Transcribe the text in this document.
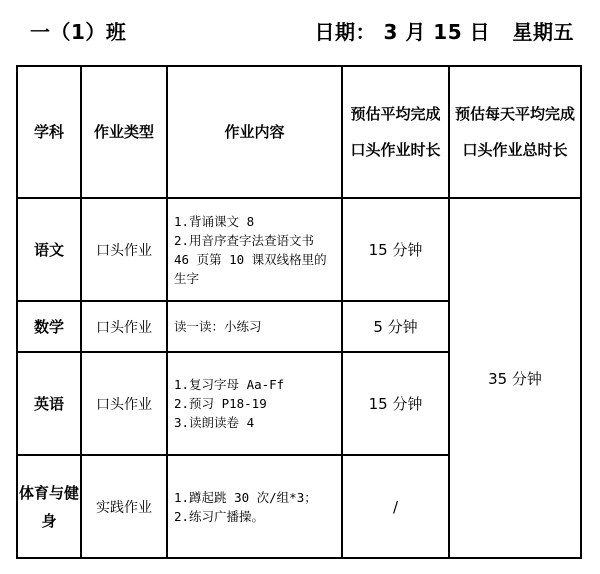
一（1）班	日期： 3 月 15 日   星期五
学科	作业类型	作业内容	预估平均完成口头作业时长	预估每天平均完成口头作业总时长
语文	口头作业	1.背诵课文 8
2.用音序查字法查语文书 46 页第 10 课双线格里的生字	15 分钟	35 分钟
数学	口头作业	读一读：小练习	5 分钟	
英语	口头作业	1.复习字母 Aa-Ff
2.预习 P18-19
3.读朗读卷 4	15 分钟	
体育与健身	实践作业	1.蹲起跳 30 次/组*3；
2.练习广播操。	/	
